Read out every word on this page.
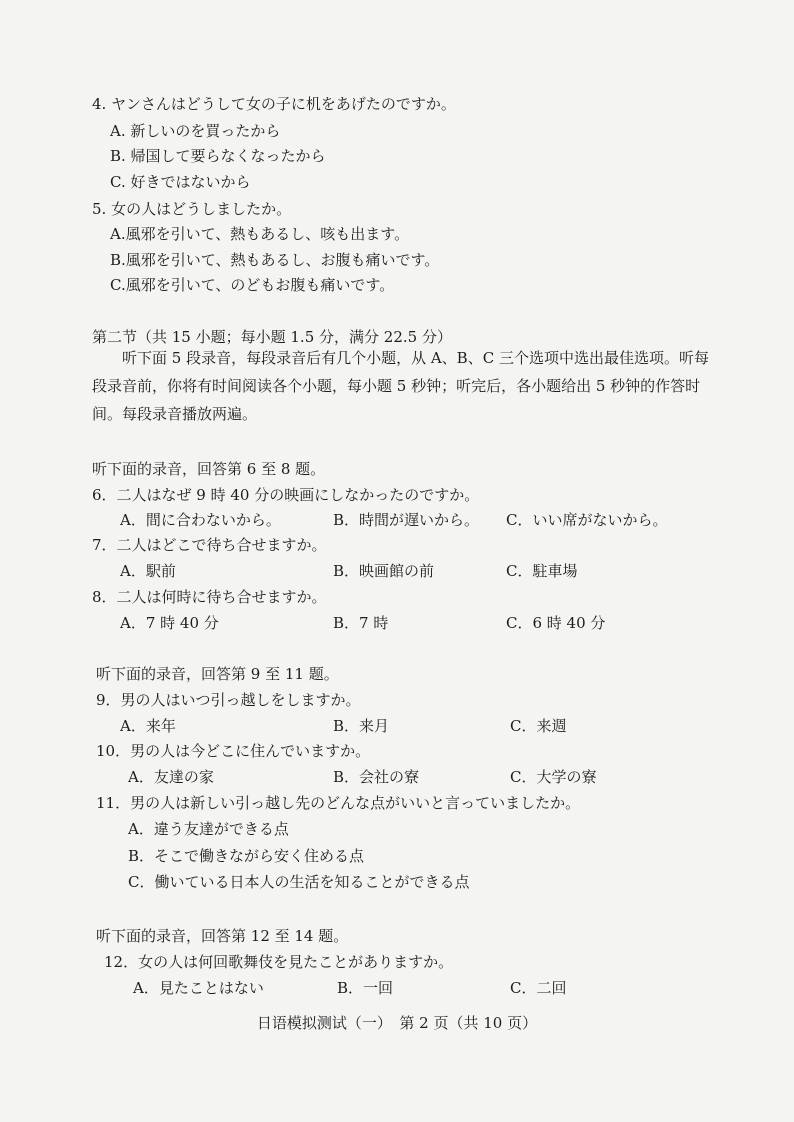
4. ヤンさんはどうして女の子に机をあげたのですか。
A. 新しいのを買ったから
B. 帰国して要らなくなったから
C. 好きではないから
5. 女の人はどうしましたか。
A.風邪を引いて、熱もあるし、咳も出ます。
B.風邪を引いて、熱もあるし、お腹も痛いです。
C.風邪を引いて、のどもお腹も痛いです。
第二节（共 15 小题；每小题 1.5 分，满分 22.5 分）
听下面 5 段录音，每段录音后有几个小题，从 A、B、C 三个选项中选出最佳选项。听每段录音前，你将有时间阅读各个小题，每小题 5 秒钟；听完后，各小题给出 5 秒钟的作答时间。每段录音播放两遍。
听下面的录音，回答第 6 至 8 题。
6．二人はなぜ 9 時 40 分の映画にしなかったのですか。
A．間に合わないから。	B．時間が遅いから。 C．いい席がないから。
7．二人はどこで待ち合せますか。
A．駅前	B．映画館の前	C．駐車場
8．二人は何時に待ち合せますか。
A．7 時 40 分	B．7 時	C．6 時 40 分
听下面的录音，回答第 9 至 11 题。
9．男の人はいつ引っ越しをしますか。
A．来年	B．来月	C．来週
10．男の人は今どこに住んでいますか。
A．友達の家	B．会社の寮	C．大学の寮
11．男の人は新しい引っ越し先のどんな点がいいと言っていましたか。
A．違う友達ができる点
B．そこで働きながら安く住める点
C．働いている日本人の生活を知ることができる点
听下面的录音，回答第 12 至 14 题。
12．女の人は何回歌舞伎を見たことがありますか。
A．見たことはない	B．一回	C．二回
日语模拟测试（一）　第 2 页（共 10 页）
